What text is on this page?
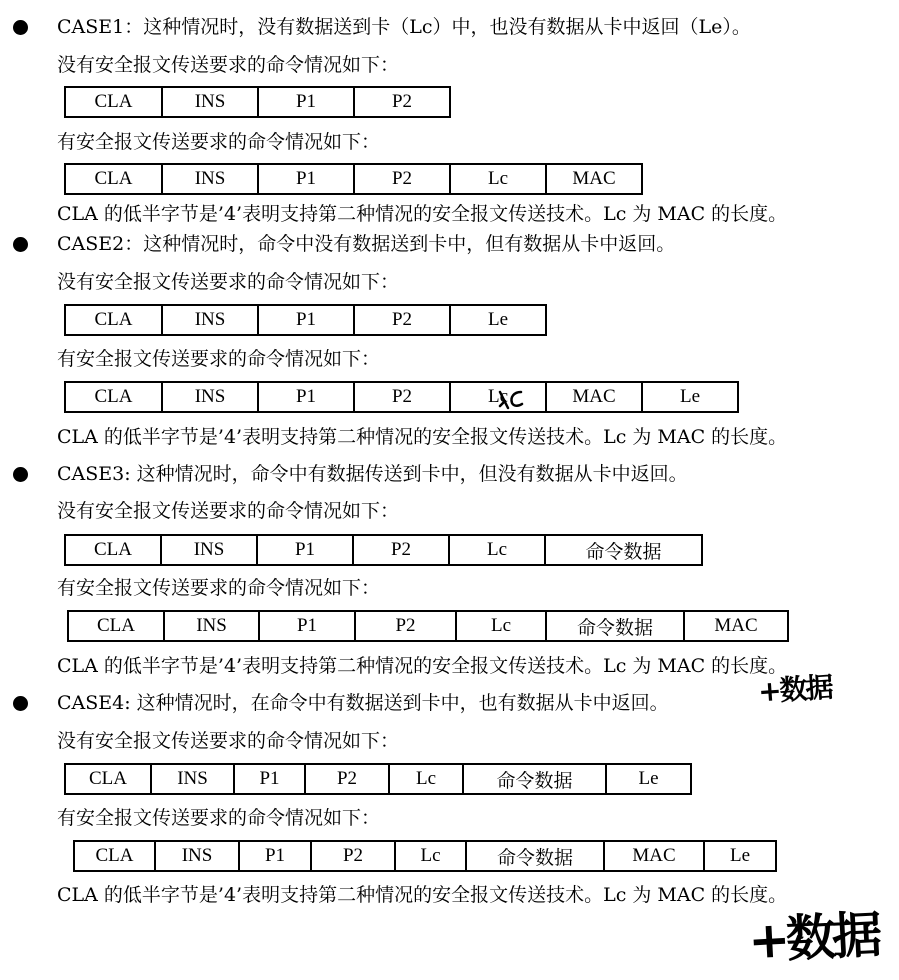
CASE1：这种情况时，没有数据送到卡（Lc）中，也没有数据从卡中返回（Le）。
没有安全报文传送要求的命令情况如下：
CLA	INS	P1	P2
有安全报文传送要求的命令情况如下：
CLA	INS	P1	P2	Lc	MAC
CLA 的低半字节是’4’表明支持第二种情况的安全报文传送技术。Lc 为 MAC 的长度。
CASE2：这种情况时，命令中没有数据送到卡中，但有数据从卡中返回。
没有安全报文传送要求的命令情况如下：
CLA	INS	P1	P2	Le
有安全报文传送要求的命令情况如下：
CLA	INS	P1	P2	Lc	MAC	Le
CLA 的低半字节是’4’表明支持第二种情况的安全报文传送技术。Lc 为 MAC 的长度。
CASE3: 这种情况时，命令中有数据传送到卡中，但没有数据从卡中返回。
没有安全报文传送要求的命令情况如下：
CLA	INS	P1	P2	Lc	命令数据
有安全报文传送要求的命令情况如下：
CLA	INS	P1	P2	Lc	命令数据	MAC
CLA 的低半字节是’4’表明支持第二种情况的安全报文传送技术。Lc 为 MAC 的长度。
CASE4: 这种情况时，在命令中有数据送到卡中，也有数据从卡中返回。
没有安全报文传送要求的命令情况如下：
CLA	INS	P1	P2	Lc	命令数据	Le
有安全报文传送要求的命令情况如下：
CLA	INS	P1	P2	Lc	命令数据	MAC	Le
CLA 的低半字节是’4’表明支持第二种情况的安全报文传送技术。Lc 为 MAC 的长度。
+数据
+数据
